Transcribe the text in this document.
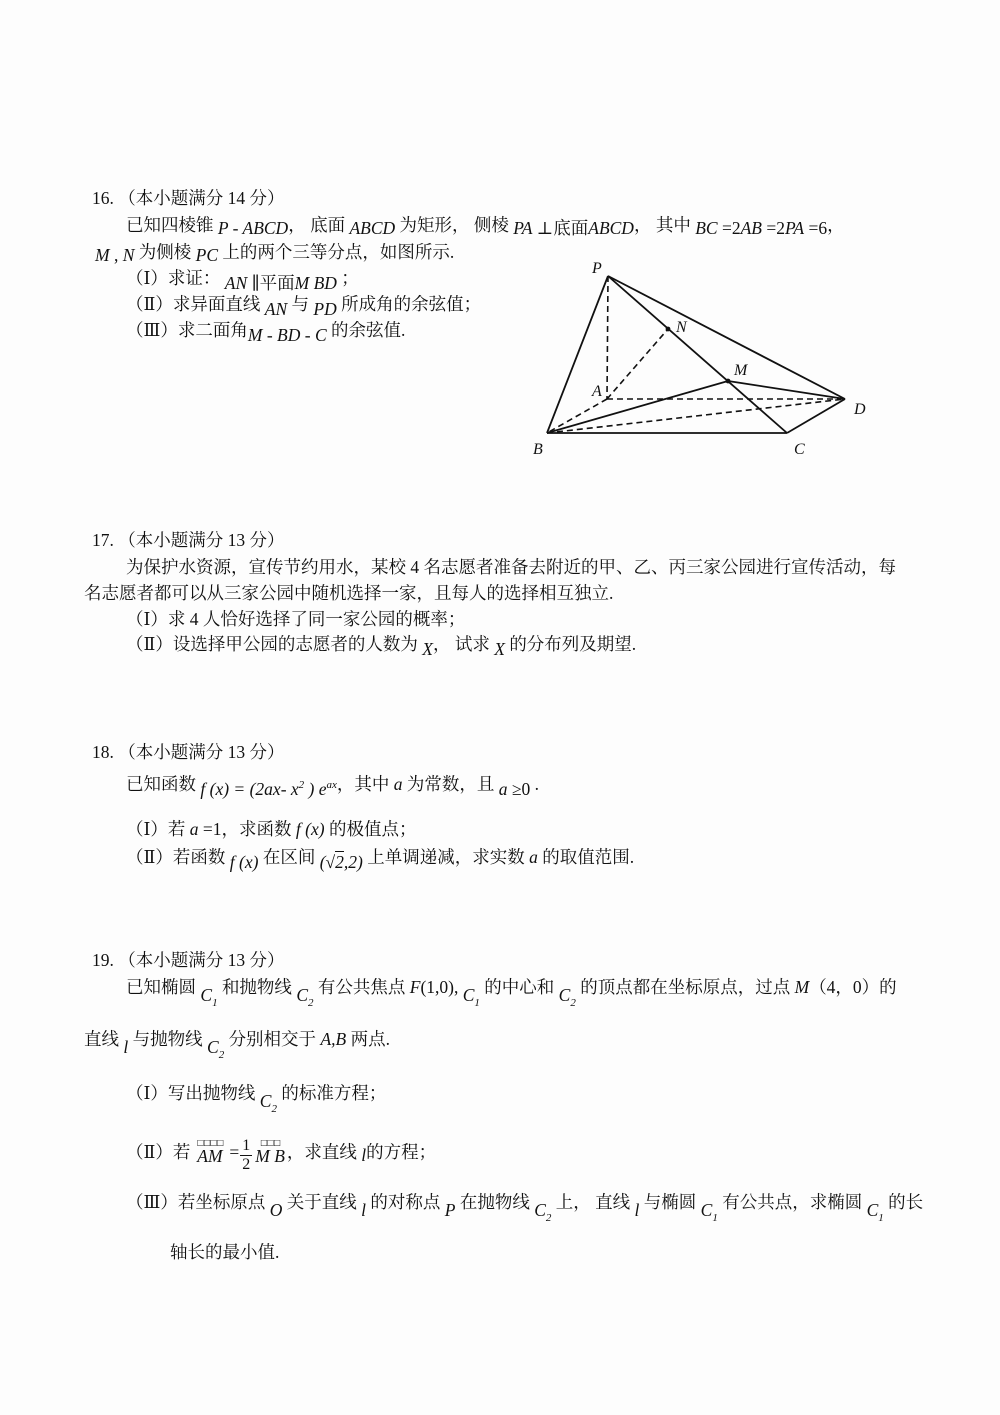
16. （本小题满分 14 分）
已知四棱锥 P - ABCD， 底面 ABCD 为矩形， 侧棱 PA ⊥底面ABCD， 其中 BC =2AB =2PA =6，
M , N 为侧棱 PC 上的两个三等分点，如图所示.
（Ⅰ）求证： AN ∥平面M BD ；
（Ⅱ）求异面直线 AN 与 PD 所成角的余弦值；
（Ⅲ）求二面角M - BD - C 的余弦值.
P
N
M
A
B	C
D
17. （本小题满分 13 分）
为保护水资源，宣传节约用水，某校 4 名志愿者准备去附近的甲、乙、丙三家公园进行宣传活动，每
名志愿者都可以从三家公园中随机选择一家，且每人的选择相互独立.
（Ⅰ）求 4 人恰好选择了同一家公园的概率；
（Ⅱ）设选择甲公园的志愿者的人数为 X， 试求 X 的分布列及期望.
18. （本小题满分 13 分）
已知函数 f (x) = (2ax- $x^2$ ) $e^{ax}$，其中 a 为常数，且 a ≥0 .
（Ⅰ）若 a =1，求函数 f (x) 的极值点；
（Ⅱ）若函数 f (x) 在区间 (√2,2) 上单调递减，求实数 a 的取值范围.
19. （本小题满分 13 分）
已知椭圆 $C_1$ 和抛物线 $C_2$ 有公共焦点 F(1,0), $C_1$ 的中心和 $C_2$ 的顶点都在坐标原点，过点 M（4，0）的
直线 l 与抛物线 $C_2$ 分别相交于 A,B 两点.
（Ⅰ）写出抛物线 $C_2$ 的标准方程；
（Ⅱ）若 □□□□
AM = $\frac{1}{2}$ □□□
M B ，求直线 l的方程；
（Ⅲ）若坐标原点 O 关于直线 l 的对称点 P 在抛物线 $C_2$ 上， 直线 l 与椭圆 $C_1$ 有公共点，求椭圆 $C_1$ 的长
轴长的最小值.
